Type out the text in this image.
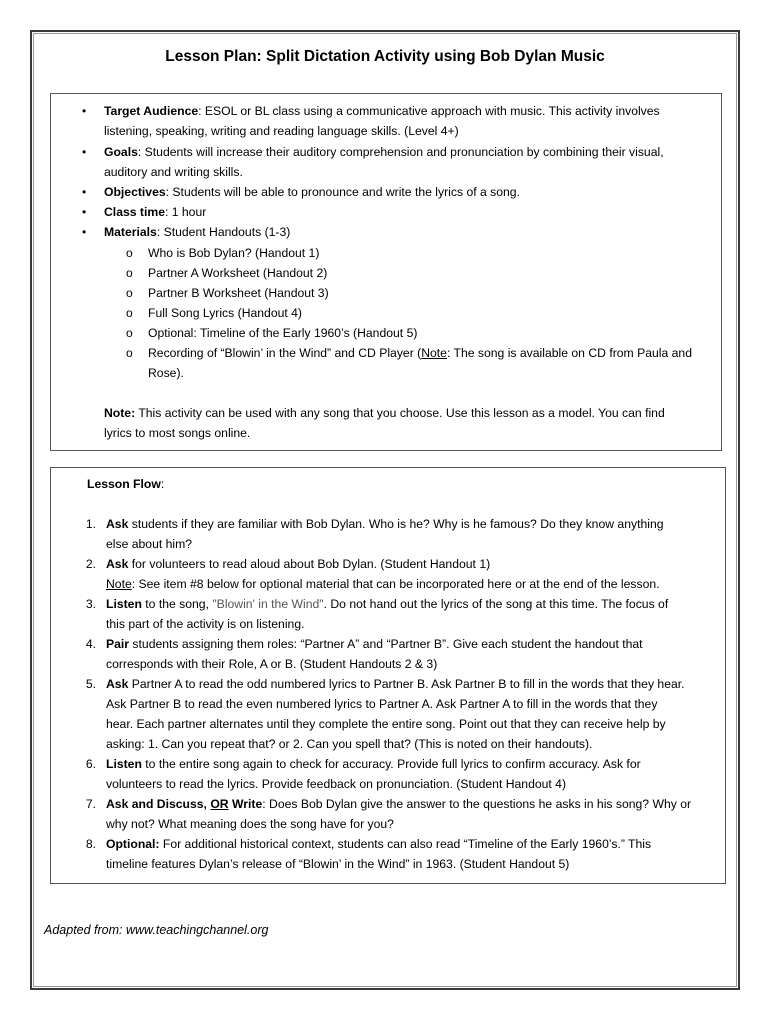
Lesson Plan: Split Dictation Activity using Bob Dylan Music
• Target Audience: ESOL or BL class using a communicative approach with music. This activity involves
listening, speaking, writing and reading language skills. (Level 4+)
• Goals: Students will increase their auditory comprehension and pronunciation by combining their visual,
auditory and writing skills.
• Objectives: Students will be able to pronounce and write the lyrics of a song.
• Class time: 1 hour
• Materials: Student Handouts (1-3)
o Who is Bob Dylan? (Handout 1)
o Partner A Worksheet (Handout 2)
o Partner B Worksheet (Handout 3)
o Full Song Lyrics (Handout 4)
o Optional: Timeline of the Early 1960’s (Handout 5)
o Recording of “Blowin’ in the Wind” and CD Player (Note: The song is available on CD from Paula and
Rose).
Note: This activity can be used with any song that you choose. Use this lesson as a model. You can find
lyrics to most songs online.
Lesson Flow:
1. Ask students if they are familiar with Bob Dylan. Who is he? Why is he famous? Do they know anything
else about him?
2. Ask for volunteers to read aloud about Bob Dylan. (Student Handout 1)
Note: See item #8 below for optional material that can be incorporated here or at the end of the lesson.
3. Listen to the song, "Blowin' in the Wind". Do not hand out the lyrics of the song at this time. The focus of
this part of the activity is on listening.
4. Pair students assigning them roles: “Partner A” and “Partner B”. Give each student the handout that
corresponds with their Role, A or B. (Student Handouts 2 & 3)
5. Ask Partner A to read the odd numbered lyrics to Partner B. Ask Partner B to fill in the words that they hear.
Ask Partner B to read the even numbered lyrics to Partner A. Ask Partner A to fill in the words that they
hear. Each partner alternates until they complete the entire song. Point out that they can receive help by
asking: 1. Can you repeat that? or 2. Can you spell that? (This is noted on their handouts).
6. Listen to the entire song again to check for accuracy. Provide full lyrics to confirm accuracy. Ask for
volunteers to read the lyrics. Provide feedback on pronunciation. (Student Handout 4)
7. Ask and Discuss, OR Write: Does Bob Dylan give the answer to the questions he asks in his song? Why or
why not? What meaning does the song have for you?
8. Optional: For additional historical context, students can also read “Timeline of the Early 1960’s.” This
timeline features Dylan’s release of “Blowin’ in the Wind” in 1963. (Student Handout 5)
Adapted from: www.teachingchannel.org
